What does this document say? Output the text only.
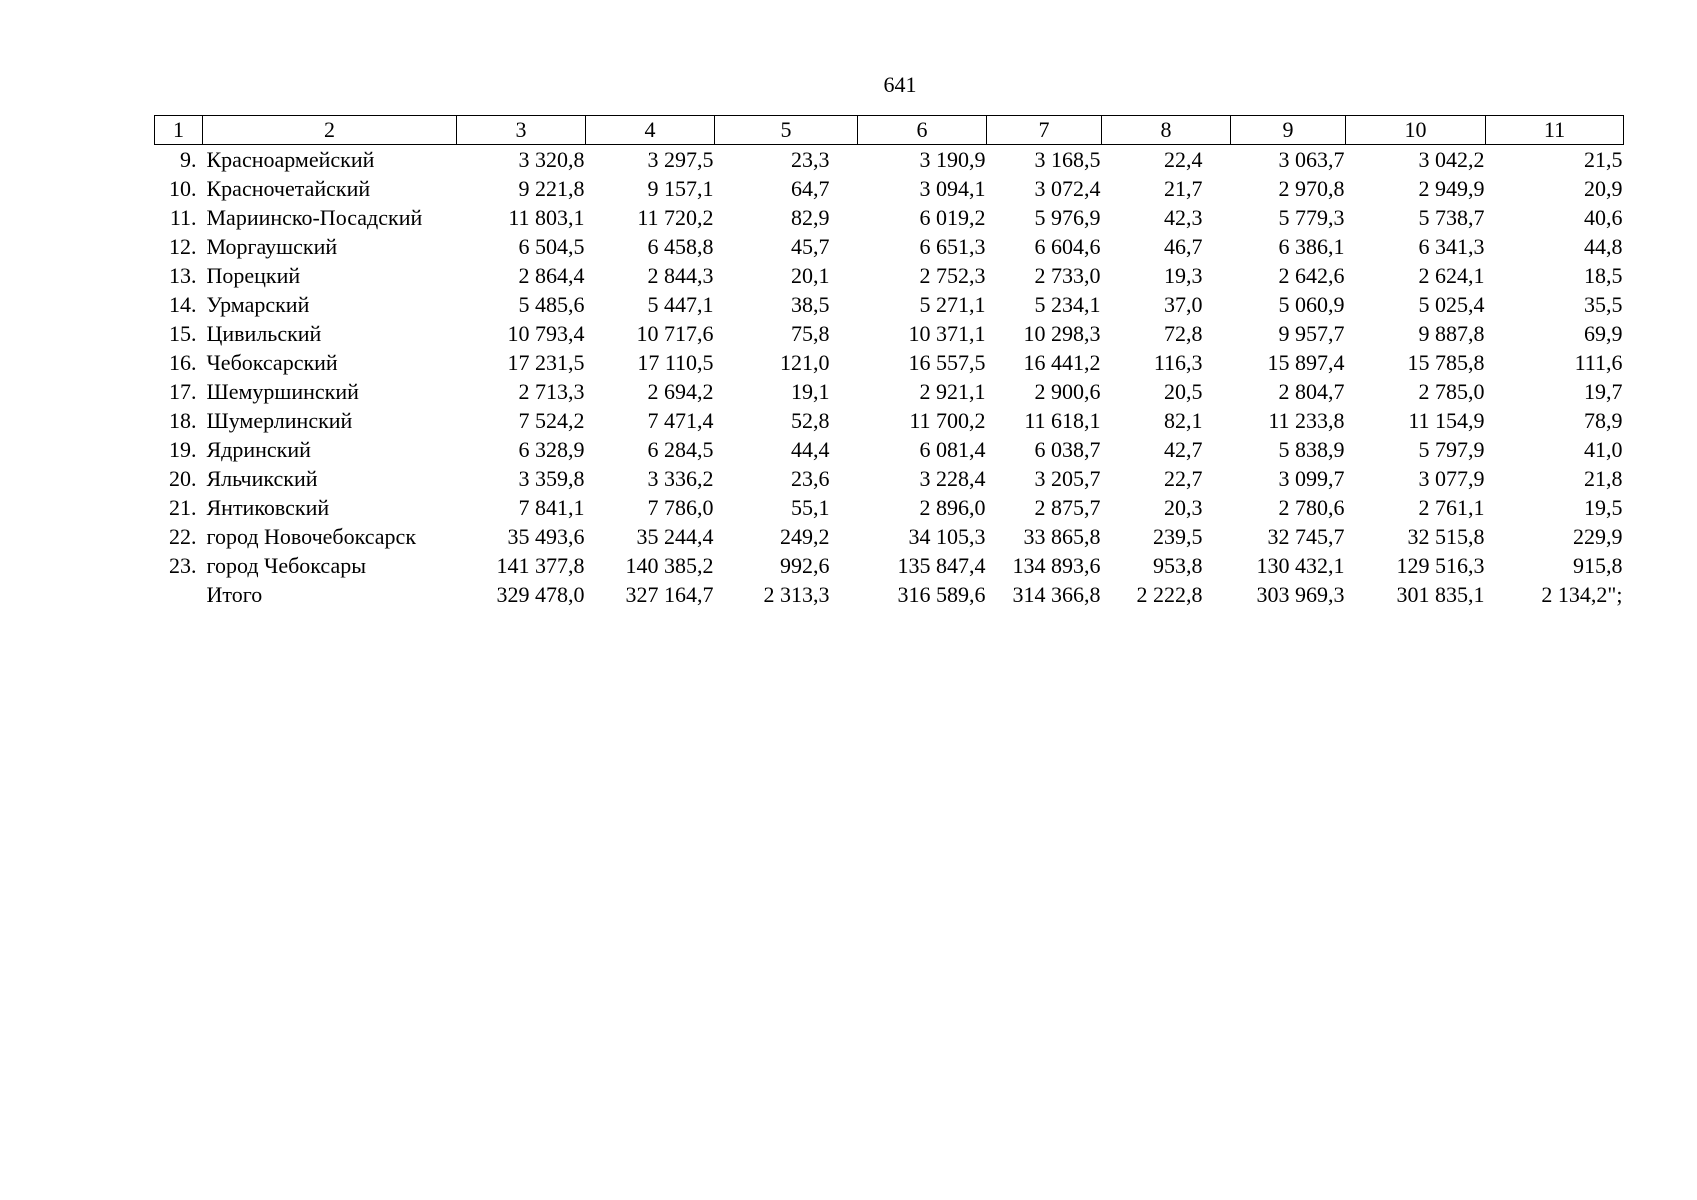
641
1	2	3	4	5	6	7	8	9	10	11
9.	Красноармейский	3 320,8	3 297,5	23,3	3 190,9	3 168,5	22,4	3 063,7	3 042,2	21,5
10.	Красночетайский	9 221,8	9 157,1	64,7	3 094,1	3 072,4	21,7	2 970,8	2 949,9	20,9
11.	Мариинско-Посадский	11 803,1	11 720,2	82,9	6 019,2	5 976,9	42,3	5 779,3	5 738,7	40,6
12.	Моргаушский	6 504,5	6 458,8	45,7	6 651,3	6 604,6	46,7	6 386,1	6 341,3	44,8
13.	Порецкий	2 864,4	2 844,3	20,1	2 752,3	2 733,0	19,3	2 642,6	2 624,1	18,5
14.	Урмарский	5 485,6	5 447,1	38,5	5 271,1	5 234,1	37,0	5 060,9	5 025,4	35,5
15.	Цивильский	10 793,4	10 717,6	75,8	10 371,1	10 298,3	72,8	9 957,7	9 887,8	69,9
16.	Чебоксарский	17 231,5	17 110,5	121,0	16 557,5	16 441,2	116,3	15 897,4	15 785,8	111,6
17.	Шемуршинский	2 713,3	2 694,2	19,1	2 921,1	2 900,6	20,5	2 804,7	2 785,0	19,7
18.	Шумерлинский	7 524,2	7 471,4	52,8	11 700,2	11 618,1	82,1	11 233,8	11 154,9	78,9
19.	Ядринский	6 328,9	6 284,5	44,4	6 081,4	6 038,7	42,7	5 838,9	5 797,9	41,0
20.	Яльчикский	3 359,8	3 336,2	23,6	3 228,4	3 205,7	22,7	3 099,7	3 077,9	21,8
21.	Янтиковский	7 841,1	7 786,0	55,1	2 896,0	2 875,7	20,3	2 780,6	2 761,1	19,5
22.	город Новочебоксарск	35 493,6	35 244,4	249,2	34 105,3	33 865,8	239,5	32 745,7	32 515,8	229,9
23.	город Чебоксары	141 377,8	140 385,2	992,6	135 847,4	134 893,6	953,8	130 432,1	129 516,3	915,8
	Итого	329 478,0	327 164,7	2 313,3	316 589,6	314 366,8	2 222,8	303 969,3	301 835,1	2 134,2";
